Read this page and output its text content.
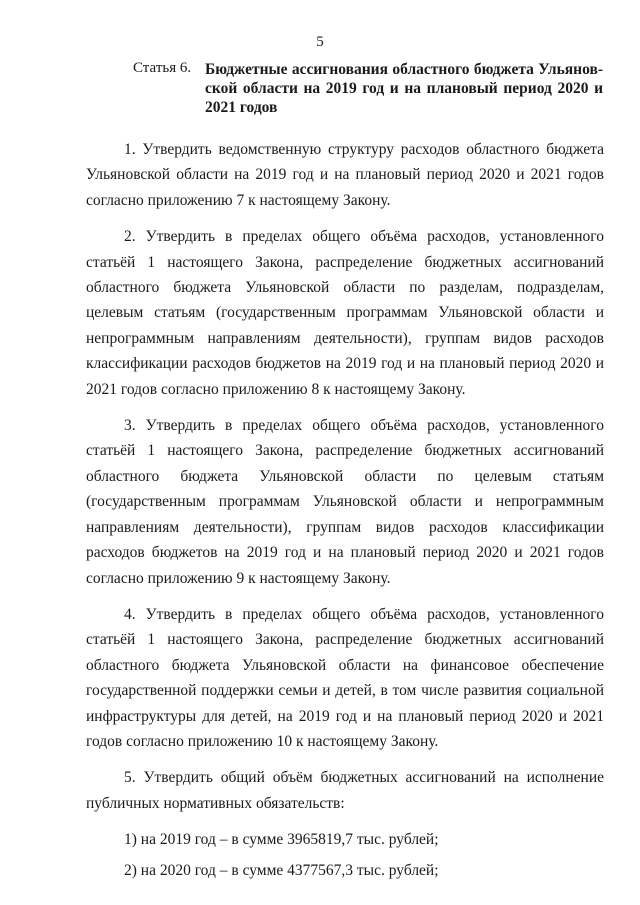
5
Статья 6. Бюджетные ассигнования областного бюджета Ульяновской области на 2019 год и на плановый период 2020 и 2021 годов

1. Утвердить ведомственную структуру расходов областного бюджета Ульяновской области на 2019 год и на плановый период 2020 и 2021 годов согласно приложению 7 к настоящему Закону.

2. Утвердить в пределах общего объёма расходов, установленного статьёй 1 настоящего Закона, распределение бюджетных ассигнований областного бюджета Ульяновской области по разделам, подразделам, целевым статьям (государственным программам Ульяновской области и непрограммным направлениям деятельности), группам видов расходов классификации расходов бюджетов на 2019 год и на плановый период 2020 и 2021 годов согласно приложению 8 к настоящему Закону.

3. Утвердить в пределах общего объёма расходов, установленного статьёй 1 настоящего Закона, распределение бюджетных ассигнований областного бюджета Ульяновской области по целевым статьям (государственным программам Ульяновской области и непрограммным направлениям деятельности), группам видов расходов классификации расходов бюджетов на 2019 год и на плановый период 2020 и 2021 годов согласно приложению 9 к настоящему Закону.

4. Утвердить в пределах общего объёма расходов, установленного статьёй 1 настоящего Закона, распределение бюджетных ассигнований областного бюджета Ульяновской области на финансовое обеспечение государственной поддержки семьи и детей, в том числе развития социальной инфраструктуры для детей, на 2019 год и на плановый период 2020 и 2021 годов согласно приложению 10 к настоящему Закону.

5. Утвердить общий объём бюджетных ассигнований на исполнение публичных нормативных обязательств:

1) на 2019 год – в сумме 3965819,7 тыс. рублей;

2) на 2020 год – в сумме 4377567,3 тыс. рублей;
